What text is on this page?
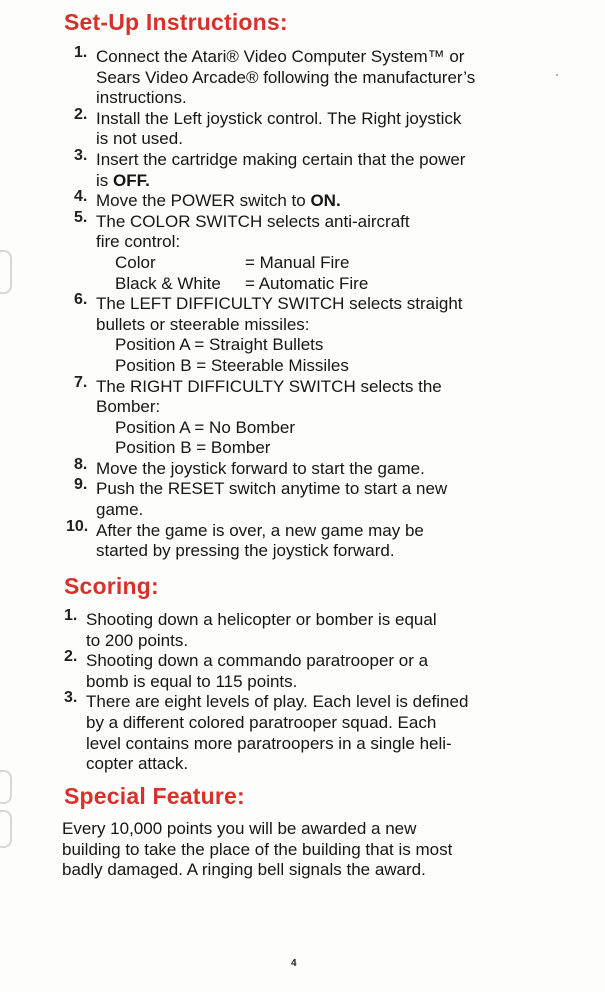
Set-Up Instructions:
1. Connect the Atari® Video Computer System™ or
Sears Video Arcade® following the manufacturer’s
instructions.
2. Install the Left joystick control. The Right joystick
is not used.
3. Insert the cartridge making certain that the power
is OFF.
4. Move the POWER switch to ON.
5. The COLOR SWITCH selects anti-aircraft
fire control:
Color	= Manual Fire
Black & White = Automatic Fire
6. The LEFT DIFFICULTY SWITCH selects straight
bullets or steerable missiles:
Position A = Straight Bullets
Position B = Steerable Missiles
7. The RIGHT DIFFICULTY SWITCH selects the
Bomber:
Position A = No Bomber
Position B = Bomber
8. Move the joystick forward to start the game.
9. Push the RESET switch anytime to start a new
game.
10. After the game is over, a new game may be
started by pressing the joystick forward.
Scoring:
1. Shooting down a helicopter or bomber is equal
to 200 points.
2. Shooting down a commando paratrooper or a
bomb is equal to 115 points.
3. There are eight levels of play. Each level is defined
by a different colored paratrooper squad. Each
level contains more paratroopers in a single heli-
copter attack.
Special Feature:
Every 10,000 points you will be awarded a new
building to take the place of the building that is most
badly damaged. A ringing bell signals the award.
4
